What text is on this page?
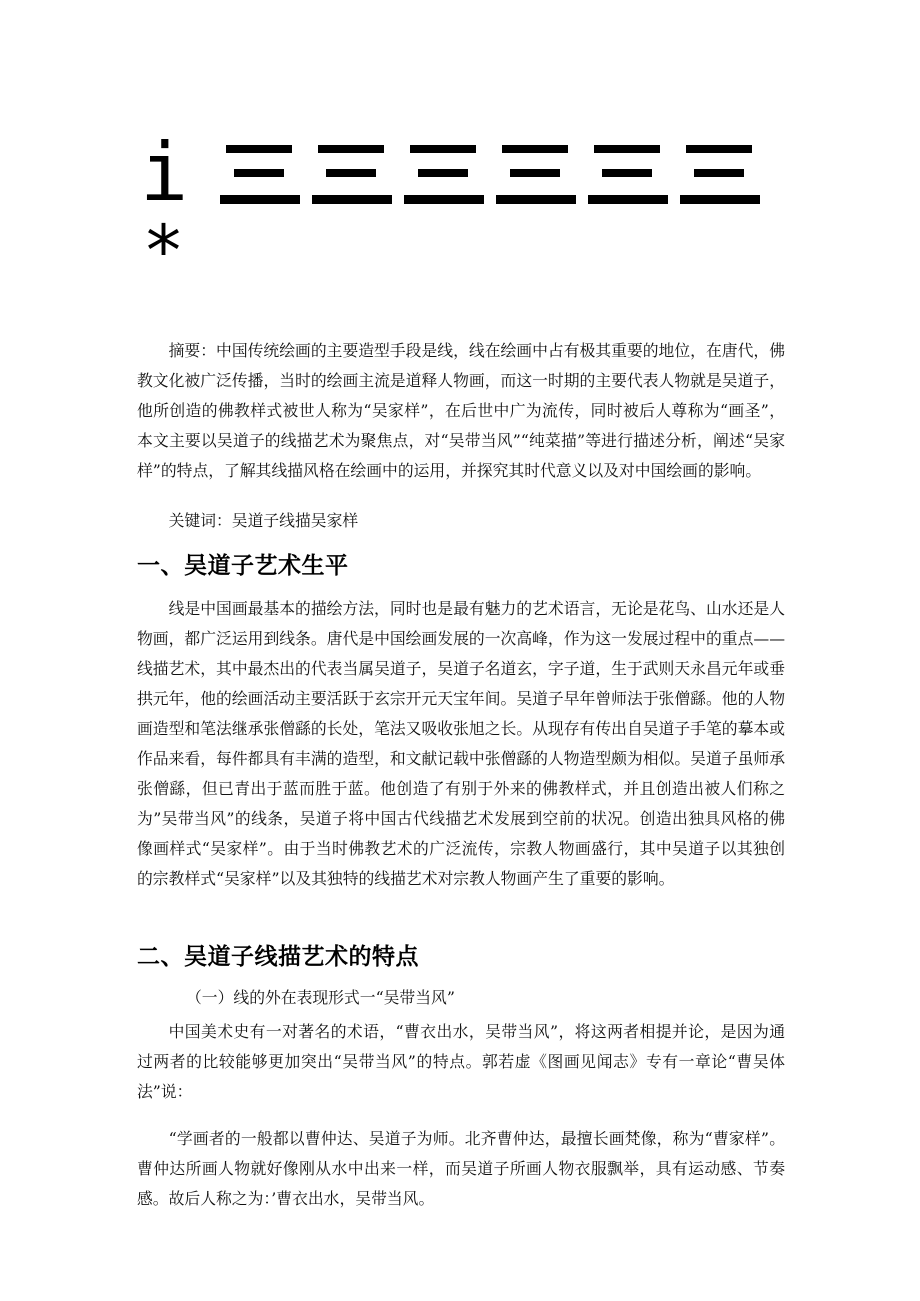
i
*

摘要：中国传统绘画的主要造型手段是线，线在绘画中占有极其重要的地位，在唐代，佛教文化被广泛传播，当时的绘画主流是道释人物画，而这一时期的主要代表人物就是吴道子，他所创造的佛教样式被世人称为“吴家样”，在后世中广为流传，同时被后人尊称为“画圣”，本文主要以吴道子的线描艺术为聚焦点，对“吴带当风”“纯菜描”等进行描述分析，阐述“吴家样”的特点，了解其线描风格在绘画中的运用，并探究其时代意义以及对中国绘画的影响。

关键词：吴道子线描吴家样

一、吴道子艺术生平

线是中国画最基本的描绘方法，同时也是最有魅力的艺术语言，无论是花鸟、山水还是人物画，都广泛运用到线条。唐代是中国绘画发展的一次高峰，作为这一发展过程中的重点——线描艺术，其中最杰出的代表当属吴道子，吴道子名道玄，字子道，生于武则天永昌元年或垂拱元年，他的绘画活动主要活跃于玄宗开元天宝年间。吴道子早年曾师法于张僧繇。他的人物画造型和笔法继承张僧繇的长处，笔法又吸收张旭之长。从现存有传出自吴道子手笔的摹本或作品来看，每件都具有丰满的造型，和文献记载中张僧繇的人物造型颇为相似。吴道子虽师承张僧繇，但已青出于蓝而胜于蓝。他创造了有别于外来的佛教样式，并且创造出被人们称之为”吴带当风”的线条，吴道子将中国古代线描艺术发展到空前的状况。创造出独具风格的佛像画样式“吴家样”。由于当时佛教艺术的广泛流传，宗教人物画盛行，其中吴道子以其独创的宗教样式“吴家样”以及其独特的线描艺术对宗教人物画产生了重要的影响。

二、吴道子线描艺术的特点
（一）线的外在表现形式一“吴带当风”

中国美术史有一对著名的术语，“曹衣出水，吴带当风”，将这两者相提并论，是因为通过两者的比较能够更加突出“吴带当风”的特点。郭若虚《图画见闻志》专有一章论“曹吴体法”说：

“学画者的一般都以曹仲达、吴道子为师。北齐曹仲达，最擅长画梵像，称为“曹家样”。曹仲达所画人物就好像刚从水中出来一样，而吴道子所画人物衣服飘举，具有运动感、节奏感。故后人称之为：’曹衣出水，吴带当风。
